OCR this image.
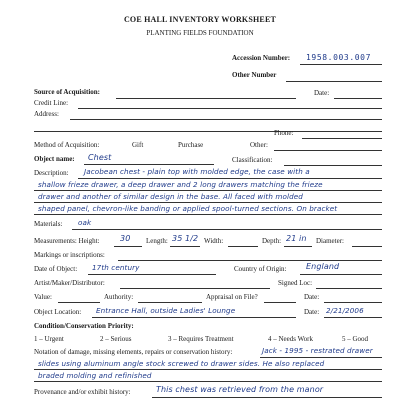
COE HALL INVENTORY WORKSHEET
PLANTING FIELDS FOUNDATION
Accession Number: 1958.003.007
Other Number
Source of Acquisition:	Date:
Credit Line:
Address:
Phone:
Method of Acquisition:	Gift	Purchase	Other:
Object name: Chest	Classification:
Description: Jacobean chest - plain top with molded edge, the case with a
shallow frieze drawer, a deep drawer and 2 long drawers matching the frieze
drawer and another of similar design in the base. All faced with molded
shaped panel, chevron-like banding or applied spool-turned sections. On bracket
Materials: oak
Measurements: Height:	30 Length: 35 1/2 Width:	Depth: 21 in Diameter:
Markings or inscriptions:
Date of Object: 17th century	Country of Origin: England
Artist/Maker/Distributor:	Signed Loc:
Value:	Authority:	Appraisal on File?	Date:
Object Location: Entrance Hall, outside Ladies' Lounge	Date: 2/21/2006
Condition/Conservation Priority:
1 – Urgent	2 – Serious	3 – Requires Treatment	4 – Needs Work	5 – Good
Notation of damage, missing elements, repairs or conservation history:	Jack - 1995 - restrated drawer
slides using aluminum angle stock screwed to drawer sides. He also replaced
braded molding and refinished
Provenance and/or exhibit history:	This chest was retrieved from the manor
